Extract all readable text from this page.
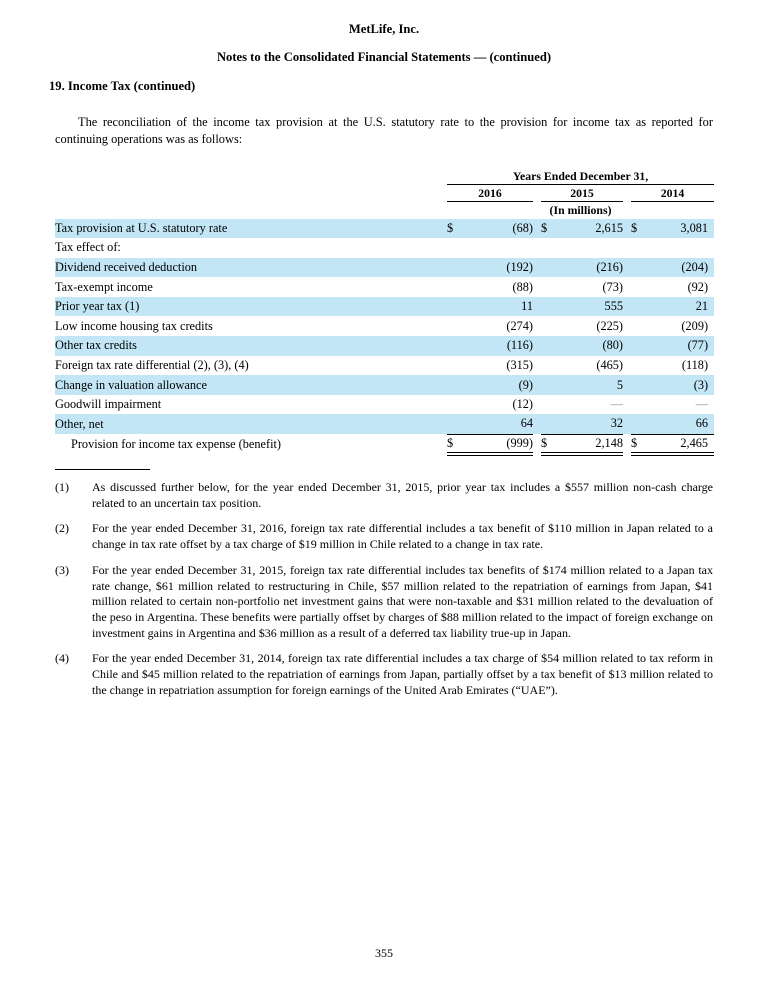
MetLife, Inc.
Notes to the Consolidated Financial Statements — (continued)
19. Income Tax (continued)

The reconciliation of the income tax provision at the U.S. statutory rate to the provision for income tax as reported for continuing operations was as follows:

	Years Ended December 31,							
	2016			2015			2014	
	(In millions)							
Tax provision at U.S. statutory rate	$	(68)		$	2,615		$	3,081
Tax effect of:								
Dividend received deduction		(192)			(216)			(204)
Tax-exempt income		(88)			(73)			(92)
Prior year tax (1)		11			555			21
Low income housing tax credits		(274)			(225)			(209)
Other tax credits		(116)			(80)			(77)
Foreign tax rate differential (2), (3), (4)		(315)			(465)			(118)
Change in valuation allowance		(9)			5			(3)
Goodwill impairment		(12)			—			—
Other, net		64			32			66
Provision for income tax expense (benefit)	$	(999)		$	2,148		$	2,465
(1)	As discussed further below, for the year ended December 31, 2015, prior year tax includes a $557 million non-cash charge related to an uncertain tax position.
(2)	For the year ended December 31, 2016, foreign tax rate differential includes a tax benefit of $110 million in Japan related to a change in tax rate offset by a tax charge of $19 million in Chile related to a change in tax rate.
(3)	For the year ended December 31, 2015, foreign tax rate differential includes tax benefits of $174 million related to a Japan tax rate change, $61 million related to restructuring in Chile, $57 million related to the repatriation of earnings from Japan, $41 million related to certain non-portfolio net investment gains that were non-taxable and $31 million related to the devaluation of the peso in Argentina. These benefits were partially offset by charges of $88 million related to the impact of foreign exchange on investment gains in Argentina and $36 million as a result of a deferred tax liability true-up in Japan.
(4)	For the year ended December 31, 2014, foreign tax rate differential includes a tax charge of $54 million related to tax reform in Chile and $45 million related to the repatriation of earnings from Japan, partially offset by a tax benefit of $13 million related to the change in repatriation assumption for foreign earnings of the United Arab Emirates (“UAE”).
355
